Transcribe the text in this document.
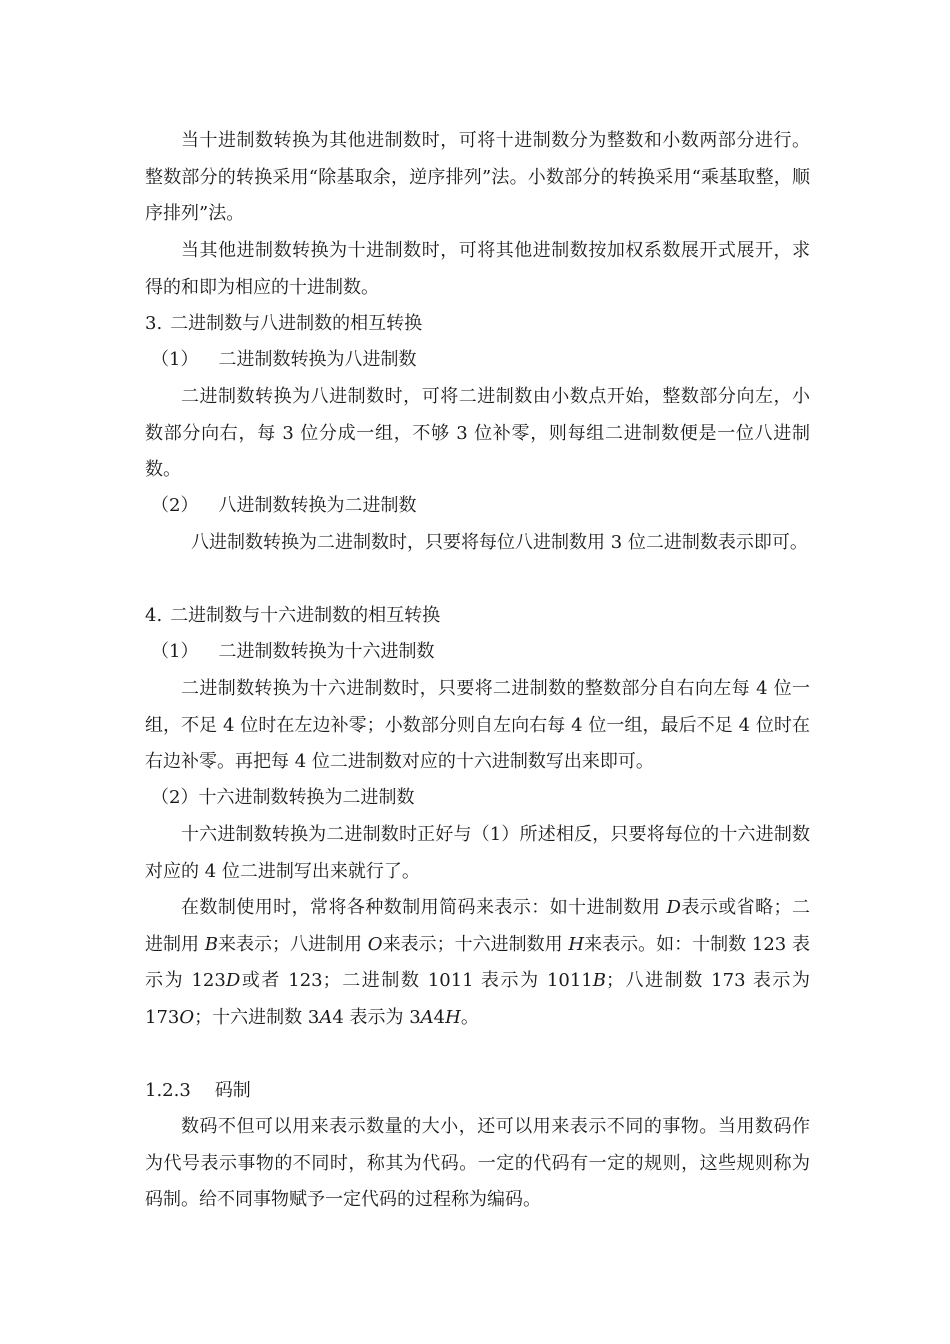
当十进制数转换为其他进制数时，可将十进制数分为整数和小数两部分进行。整数部分的转换采用“除基取余，逆序排列”法。小数部分的转换采用“乘基取整，顺序排列”法。

当其他进制数转换为十进制数时，可将其他进制数按加权系数展开式展开，求得的和即为相应的十进制数。

3. 二进制数与八进制数的相互转换
（1） 二进制数转换为八进制数

二进制数转换为八进制数时，可将二进制数由小数点开始，整数部分向左，小数部分向右，每 3 位分成一组，不够 3 位补零，则每组二进制数便是一位八进制数。

（2） 八进制数转换为二进制数

八进制数转换为二进制数时，只要将每位八进制数用 3 位二进制数表示即可。

4. 二进制数与十六进制数的相互转换
（1） 二进制数转换为十六进制数

二进制数转换为十六进制数时，只要将二进制数的整数部分自右向左每 4 位一组，不足 4 位时在左边补零；小数部分则自左向右每 4 位一组，最后不足 4 位时在右边补零。再把每 4 位二进制数对应的十六进制数写出来即可。

（2）十六进制数转换为二进制数

十六进制数转换为二进制数时正好与（1）所述相反，只要将每位的十六进制数对应的 4 位二进制写出来就行了。

在数制使用时，常将各种数制用简码来表示：如十进制数用 D表示或省略；二进制用 B来表示；八进制用 O来表示；十六进制数用 H来表示。如：十制数 123 表示为 123D或者 123；二进制数 1011 表示为 1011B；八进制数 173 表示为 173O；十六进制数 3A4 表示为 3A4H。

1.2.3 码制

数码不但可以用来表示数量的大小，还可以用来表示不同的事物。当用数码作为代号表示事物的不同时，称其为代码。一定的代码有一定的规则，这些规则称为码制。给不同事物赋予一定代码的过程称为编码。
